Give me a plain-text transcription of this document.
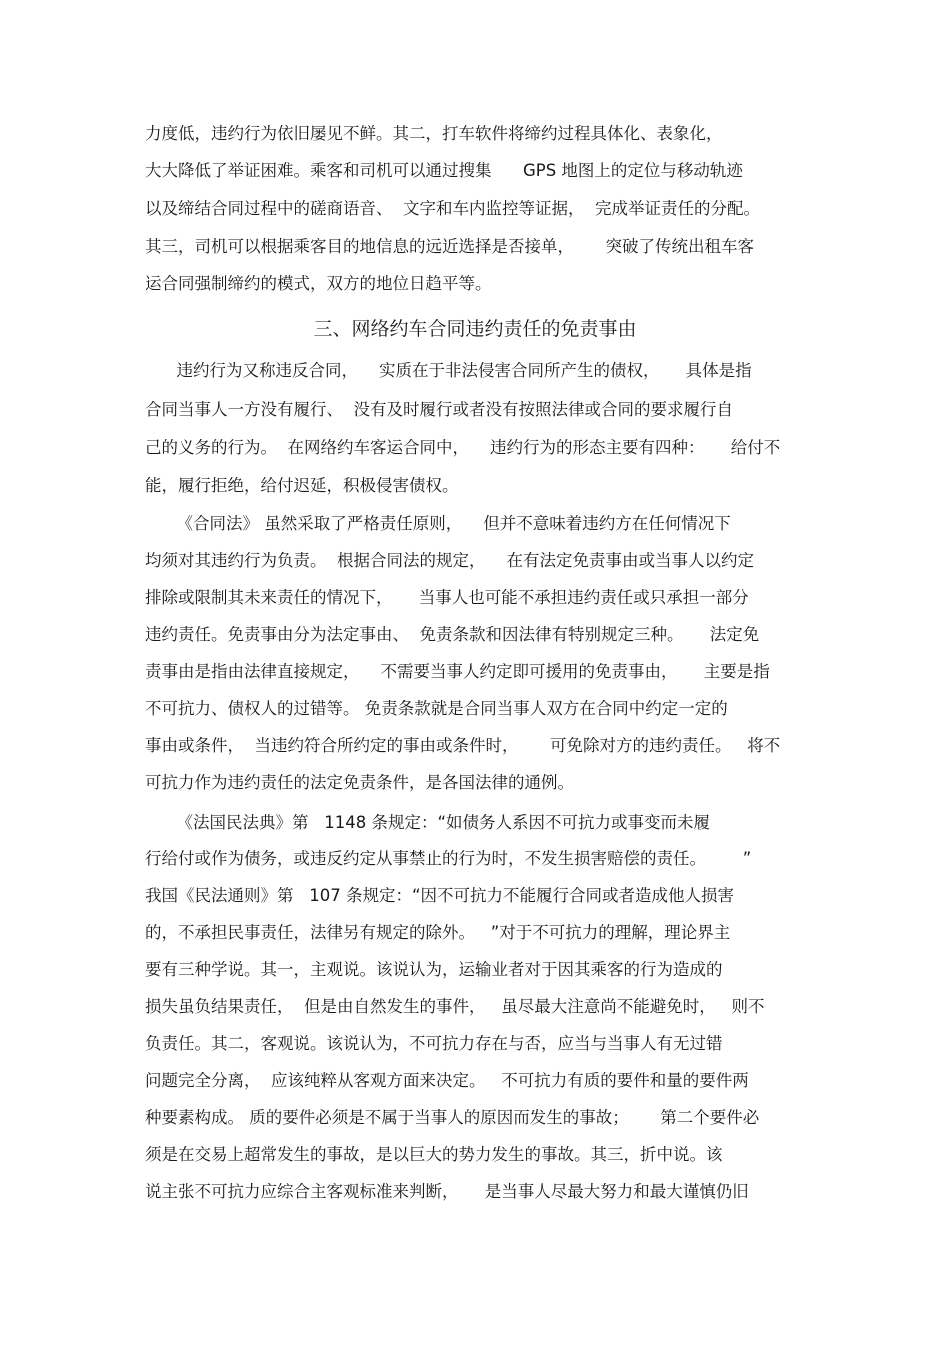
力度低，违约行为依旧屡见不鲜。其二，打车软件将缔约过程具体化、表象化，
大大降低了举证困难。乘客和司机可以通过搜集      GPS 地图上的定位与移动轨迹
以及缔结合同过程中的磋商语音、  文字和车内监控等证据，  完成举证责任的分配。
其三，司机可以根据乘客目的地信息的远近选择是否接单，      突破了传统出租车客
运合同强制缔约的模式，双方的地位日趋平等。
三、网络约车合同违约责任的免责事由
违约行为又称违反合同，    实质在于非法侵害合同所产生的债权，     具体是指
合同当事人一方没有履行、  没有及时履行或者没有按照法律或合同的要求履行自
己的义务的行为。  在网络约车客运合同中，    违约行为的形态主要有四种：     给付不
能，履行拒绝，给付迟延，积极侵害债权。
《合同法》 虽然采取了严格责任原则，    但并不意味着违约方在任何情况下
均须对其违约行为负责。  根据合同法的规定，    在有法定免责事由或当事人以约定
排除或限制其未来责任的情况下，     当事人也可能不承担违约责任或只承担一部分
违约责任。免责事由分为法定事由、  免责条款和因法律有特别规定三种。     法定免
责事由是指由法律直接规定，    不需要当事人约定即可援用的免责事由，     主要是指
不可抗力、债权人的过错等。 免责条款就是合同当事人双方在合同中约定一定的
事由或条件，  当违约符合所约定的事由或条件时，      可免除对方的违约责任。   将不
可抗力作为违约责任的法定免责条件，是各国法律的通例。
《法国民法典》第   1148 条规定：“如债务人系因不可抗力或事变而未履
行给付或作为债务，或违反约定从事禁止的行为时，不发生损害赔偿的责任。       ”
我国《民法通则》第   107 条规定：“因不可抗力不能履行合同或者造成他人损害
的，不承担民事责任，法律另有规定的除外。   ”对于不可抗力的理解，理论界主
要有三种学说。其一，主观说。该说认为，运输业者对于因其乘客的行为造成的
损失虽负结果责任，  但是由自然发生的事件，   虽尽最大注意尚不能避免时，   则不
负责任。其二，客观说。该说认为，不可抗力存在与否，应当与当事人有无过错
问题完全分离，  应该纯粹从客观方面来决定。   不可抗力有质的要件和量的要件两
种要素构成。 质的要件必须是不属于当事人的原因而发生的事故；      第二个要件必
须是在交易上超常发生的事故，是以巨大的势力发生的事故。其三，折中说。该
说主张不可抗力应综合主客观标准来判断，     是当事人尽最大努力和最大谨慎仍旧
